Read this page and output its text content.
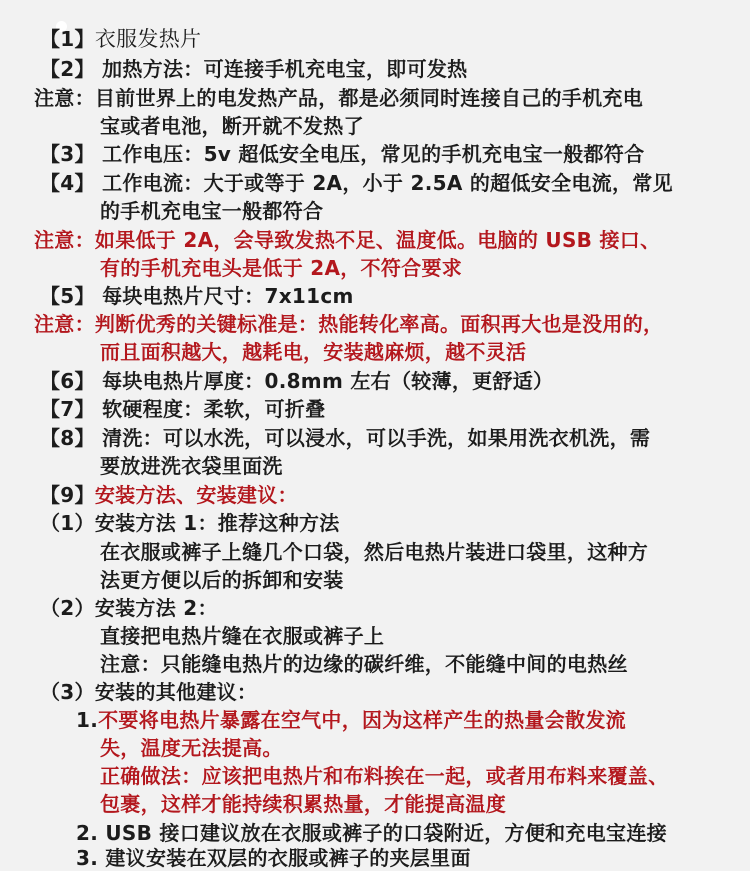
【1】衣服发热片
【2】 加热方法：可连接手机充电宝，即可发热
注意：目前世界上的电发热产品，都是必须同时连接自己的手机充电
宝或者电池，断开就不发热了
【3】 工作电压：5v 超低安全电压，常见的手机充电宝一般都符合
【4】 工作电流：大于或等于 2A，小于 2.5A 的超低安全电流，常见
的手机充电宝一般都符合
注意：如果低于 2A，会导致发热不足、温度低。电脑的 USB 接口、
有的手机充电头是低于 2A，不符合要求
【5】 每块电热片尺寸：7x11cm
注意：判断优秀的关键标准是：热能转化率高。面积再大也是没用的，
而且面积越大，越耗电，安装越麻烦，越不灵活
【6】 每块电热片厚度：0.8mm 左右（较薄，更舒适）
【7】 软硬程度：柔软，可折叠
【8】 清洗：可以水洗，可以浸水，可以手洗，如果用洗衣机洗，需
要放进洗衣袋里面洗
【9】安装方法、安装建议：
（1）安装方法 1：推荐这种方法
在衣服或裤子上缝几个口袋，然后电热片装进口袋里，这种方
法更方便以后的拆卸和安装
（2）安装方法 2：
直接把电热片缝在衣服或裤子上
注意：只能缝电热片的边缘的碳纤维，不能缝中间的电热丝
（3）安装的其他建议：
1.不要将电热片暴露在空气中，因为这样产生的热量会散发流
失，温度无法提高。
正确做法：应该把电热片和布料挨在一起，或者用布料来覆盖、
包裹，这样才能持续积累热量，才能提高温度
2. USB 接口建议放在衣服或裤子的口袋附近，方便和充电宝连接
3. 建议安装在双层的衣服或裤子的夹层里面
